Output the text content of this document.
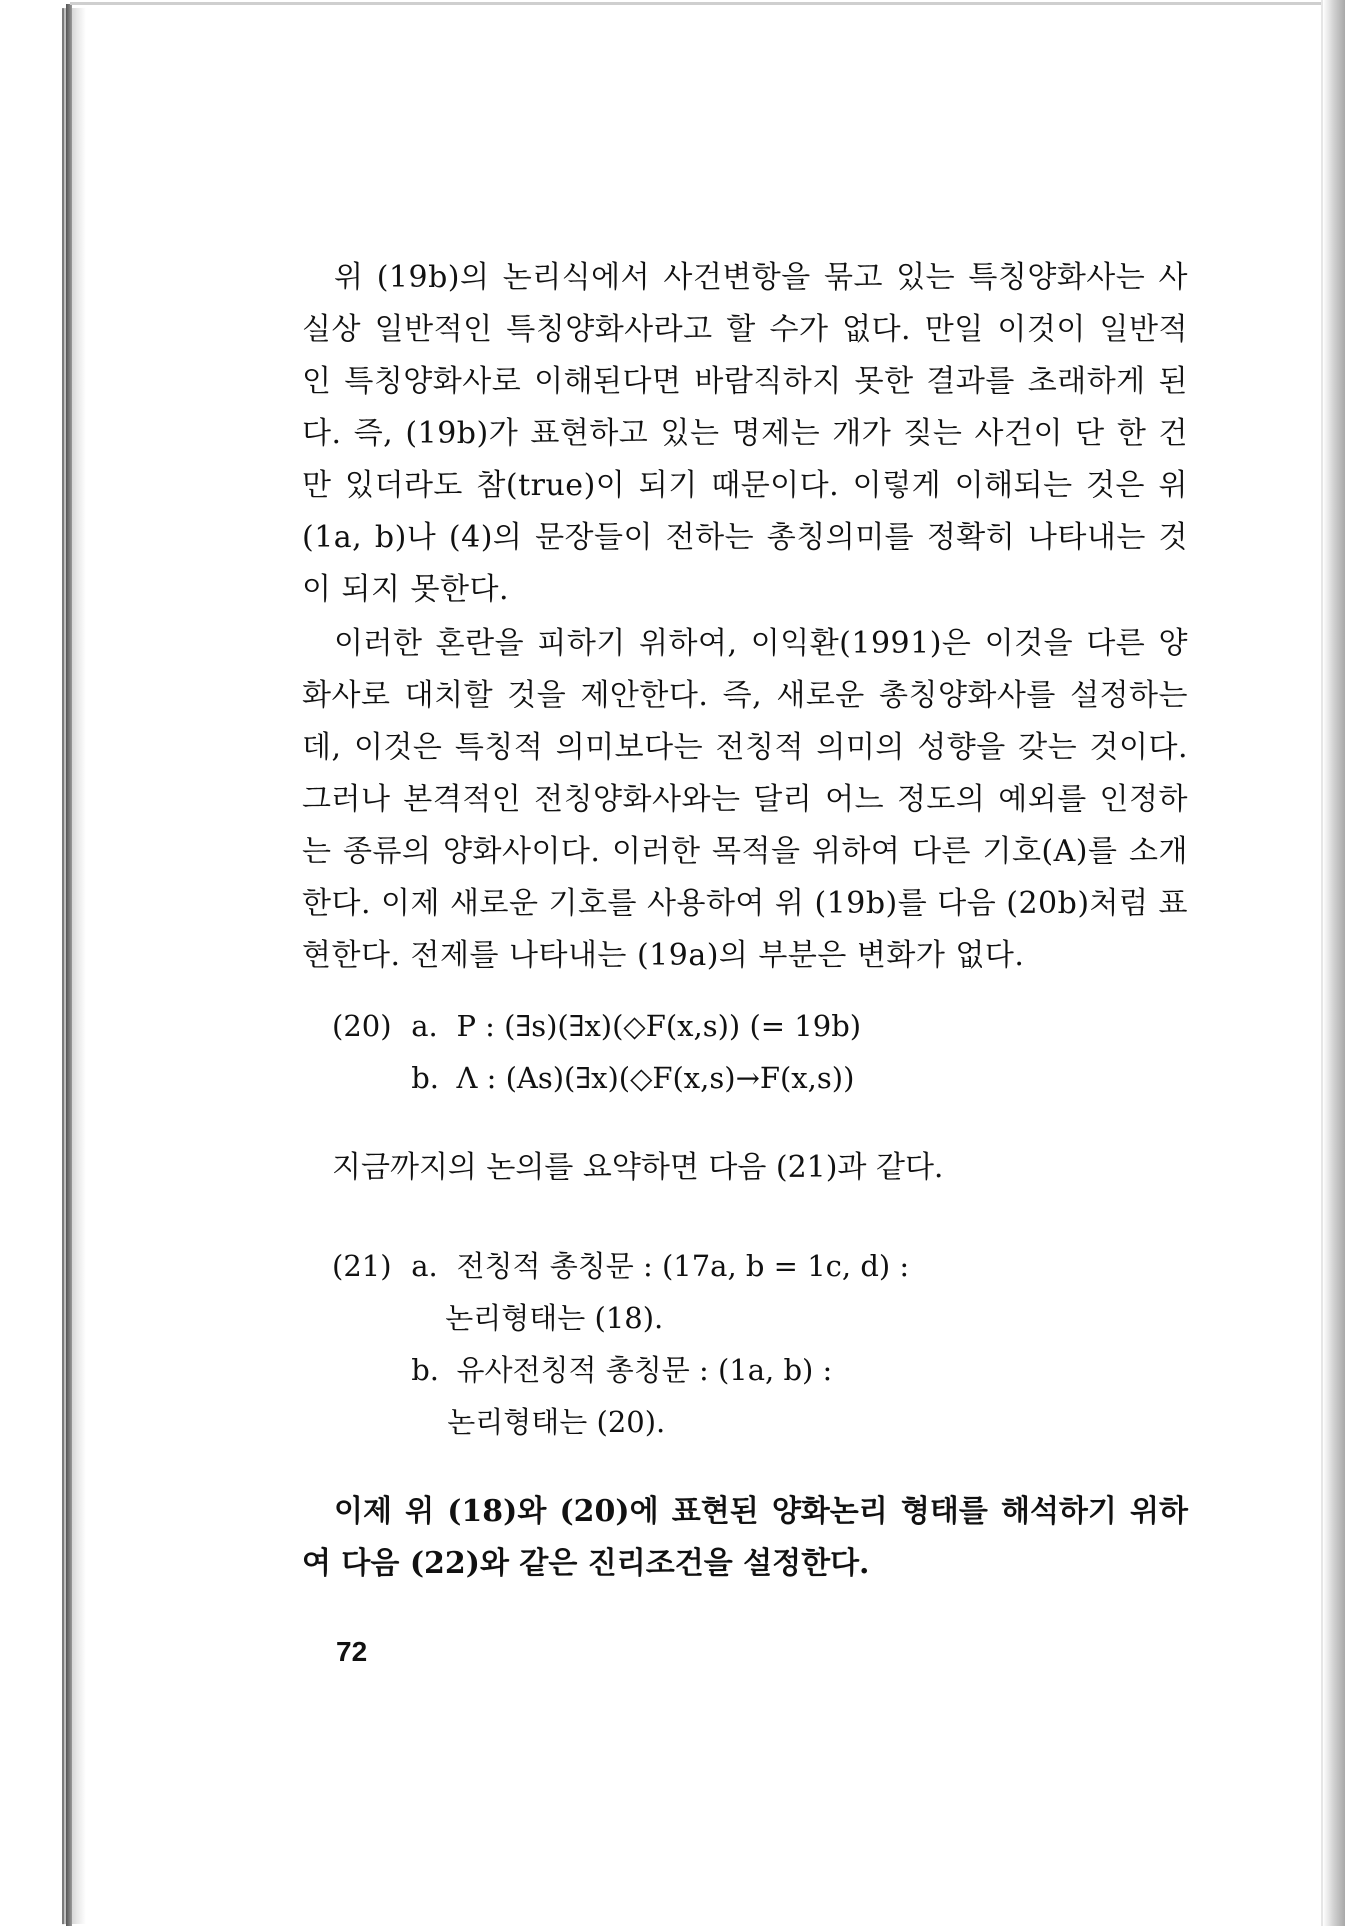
위 (19b)의 논리식에서 사건변항을 묶고 있는 특칭양화사는 사실상 일반적인 특칭양화사라고 할 수가 없다. 만일 이것이 일반적인 특칭양화사로 이해된다면 바람직하지 못한 결과를 초래하게 된다. 즉, (19b)가 표현하고 있는 명제는 개가 짖는 사건이 단 한 건만 있더라도 참(true)이 되기 때문이다. 이렇게 이해되는 것은 위 (1a, b)나 (4)의 문장들이 전하는 총칭의미를 정확히 나타내는 것이 되지 못한다.

이러한 혼란을 피하기 위하여, 이익환(1991)은 이것을 다른 양화사로 대치할 것을 제안한다. 즉, 새로운 총칭양화사를 설정하는데, 이것은 특칭적 의미보다는 전칭적 의미의 성향을 갖는 것이다. 그러나 본격적인 전칭양화사와는 달리 어느 정도의 예외를 인정하는 종류의 양화사이다. 이러한 목적을 위하여 다른 기호(A)를 소개한다. 이제 새로운 기호를 사용하여 위 (19b)를 다음 (20b)처럼 표현한다. 전제를 나타내는 (19a)의 부분은 변화가 없다.

(20) a. P : (∃s)(∃x)(◇F(x,s)) (= 19b)
b. Λ : (As)(∃x)(◇F(x,s)→F(x,s))
지금까지의 논의를 요약하면 다음 (21)과 같다.
(21) a. 전칭적 총칭문 : (17a, b = 1c, d) :
논리형태는 (18).
b. 유사전칭적 총칭문 : (1a, b) :
논리형태는 (20).

이제 위 (18)와 (20)에 표현된 양화논리 형태를 해석하기 위하여 다음 (22)와 같은 진리조건을 설정한다.

72
